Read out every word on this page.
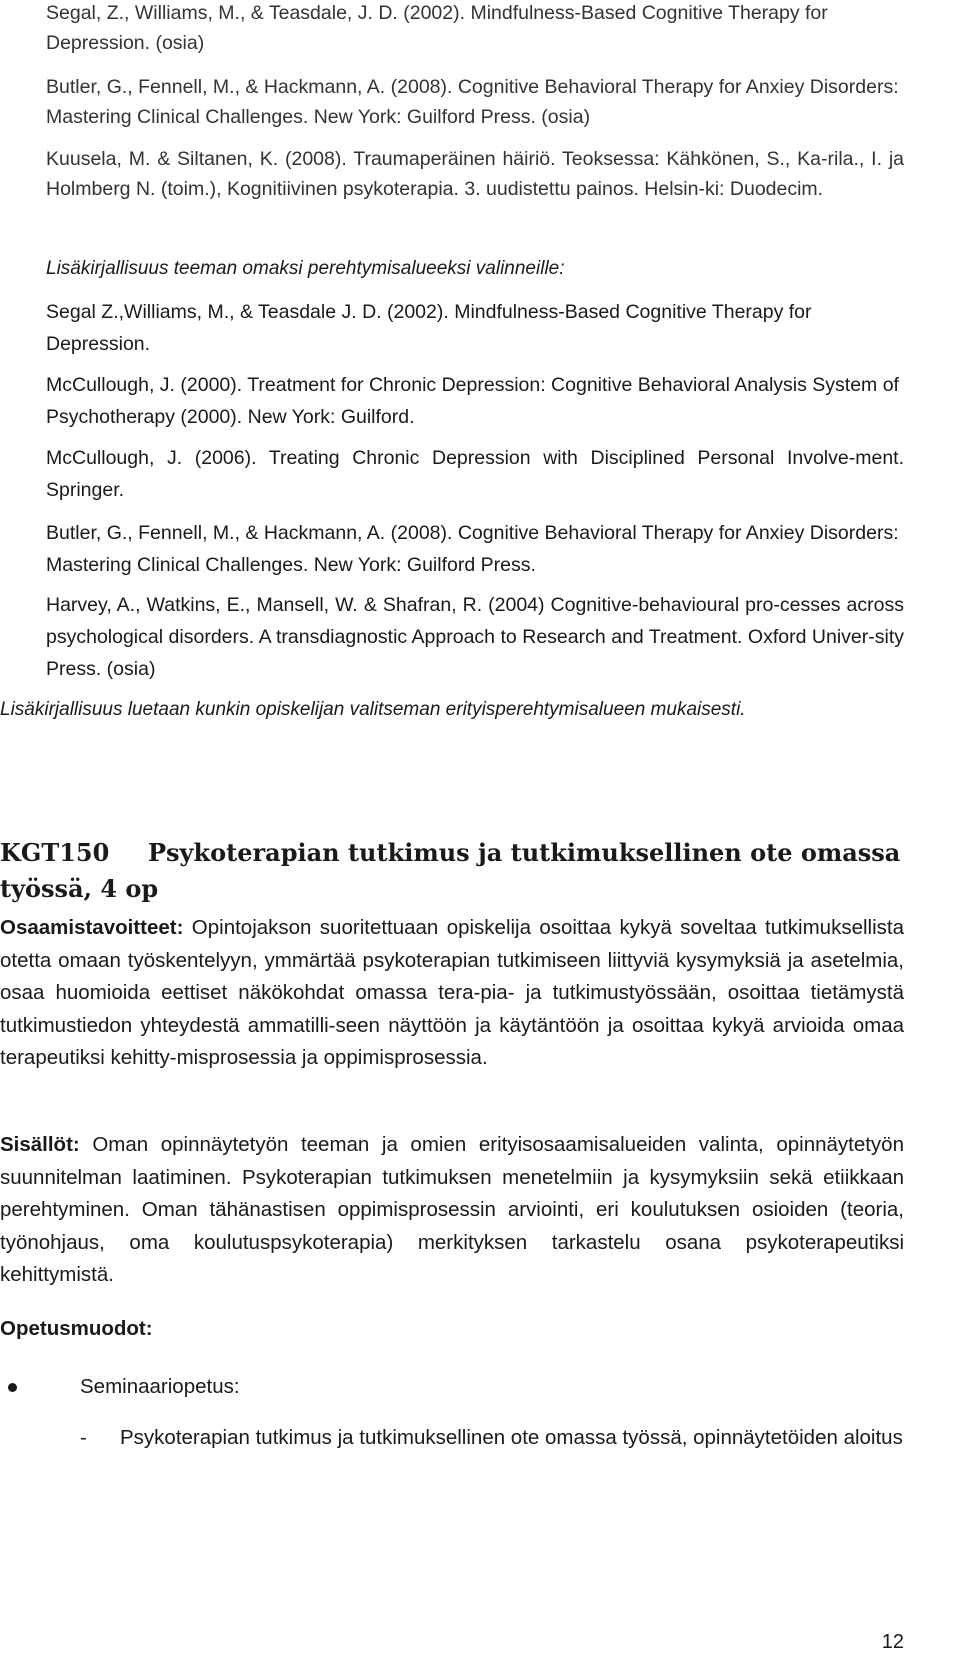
Segal, Z., Williams, M., & Teasdale, J. D. (2002). Mindfulness-Based Cognitive Therapy for Depression. (osia)

Butler, G., Fennell, M., & Hackmann, A. (2008). Cognitive Behavioral Therapy for Anxiey Disorders: Mastering Clinical Challenges. New York: Guilford Press. (osia)

Kuusela, M. & Siltanen, K. (2008). Traumaperäinen häiriö. Teoksessa: Kähkönen, S., Ka-rila., I. ja Holmberg N. (toim.), Kognitiivinen psykoterapia. 3. uudistettu painos. Helsin-ki: Duodecim.

Lisäkirjallisuus teeman omaksi perehtymisalueeksi valinneille:

Segal Z.,Williams, M., & Teasdale J. D. (2002). Mindfulness-Based Cognitive Therapy for Depression.

McCullough, J. (2000). Treatment for Chronic Depression: Cognitive Behavioral Analysis System of Psychotherapy (2000). New York: Guilford.

McCullough, J. (2006). Treating Chronic Depression with Disciplined Personal Involve-ment. Springer.

Butler, G., Fennell, M., & Hackmann, A. (2008). Cognitive Behavioral Therapy for Anxiey Disorders: Mastering Clinical Challenges. New York: Guilford Press.

Harvey, A., Watkins, E., Mansell, W. & Shafran, R. (2004) Cognitive-behavioural pro-cesses across psychological disorders. A transdiagnostic Approach to Research and Treatment. Oxford Univer-sity Press. (osia)

Lisäkirjallisuus luetaan kunkin opiskelijan valitseman erityisperehtymisalueen mukaisesti.

KGT150 Psykoterapian tutkimus ja tutkimuksellinen ote omassa työssä, 4 op

Osaamistavoitteet: Opintojakson suoritettuaan opiskelija osoittaa kykyä soveltaa tutkimuksellista otetta omaan työskentelyyn, ymmärtää psykoterapian tutkimiseen liittyviä kysymyksiä ja asetelmia, osaa huomioida eettiset näkökohdat omassa tera-pia- ja tutkimustyössään, osoittaa tietämystä tutkimustiedon yhteydestä ammatilli-seen näyttöön ja käytäntöön ja osoittaa kykyä arvioida omaa terapeutiksi kehitty-misprosessia ja oppimisprosessia.

Sisällöt: Oman opinnäytetyön teeman ja omien erityisosaamisalueiden valinta, opinnäytetyön suunnitelman laatiminen. Psykoterapian tutkimuksen menetelmiin ja kysymyksiin sekä etiikkaan perehtyminen. Oman tähänastisen oppimisprosessin arviointi, eri koulutuksen osioiden (teoria, työnohjaus, oma koulutuspsykoterapia) merkityksen tarkastelu osana psykoterapeutiksi kehittymistä.

Opetusmuodot:

Seminaariopetus:
- Psykoterapian tutkimus ja tutkimuksellinen ote omassa työssä, opinnäytetöiden aloitus
12
